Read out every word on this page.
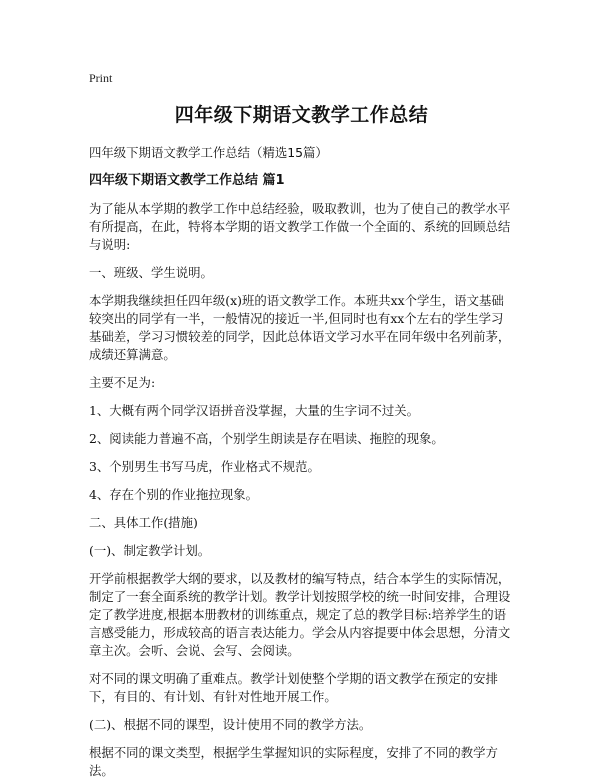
Print
四年级下期语文教学工作总结
四年级下期语文教学工作总结（精选15篇）
四年级下期语文教学工作总结 篇1
为了能从本学期的教学工作中总结经验，吸取教训，也为了使自己的教学水平有所提高，在此，特将本学期的语文教学工作做一个全面的、系统的回顾总结与说明:
一、班级、学生说明。
本学期我继续担任四年级(x)班的语文教学工作。本班共xx个学生，语文基础较突出的同学有一半，一般情况的接近一半,但同时也有xx个左右的学生学习基础差，学习习惯较差的同学，因此总体语文学习水平在同年级中名列前茅，成绩还算满意。
主要不足为:
1、大概有两个同学汉语拼音没掌握，大量的生字词不过关。
2、阅读能力普遍不高，个别学生朗读是存在唱读、拖腔的现象。
3、个别男生书写马虎，作业格式不规范。
4、存在个别的作业拖拉现象。
二、具体工作(措施)
(一)、制定教学计划。
开学前根据教学大纲的要求，以及教材的编写特点，结合本学生的实际情况，制定了一套全面系统的教学计划。教学计划按照学校的统一时间安排，合理设定了教学进度,根据本册教材的训练重点，规定了总的教学目标:培养学生的语言感受能力，形成较高的语言表达能力。学会从内容提要中体会思想，分清文章主次。会听、会说、会写、会阅读。
对不同的课文明确了重难点。教学计划使整个学期的语文教学在预定的安排下，有目的、有计划、有针对性地开展工作。
(二)、根据不同的课型，设计使用不同的教学方法。
根据不同的课文类型，根据学生掌握知识的实际程度，安排了不同的教学方法。
